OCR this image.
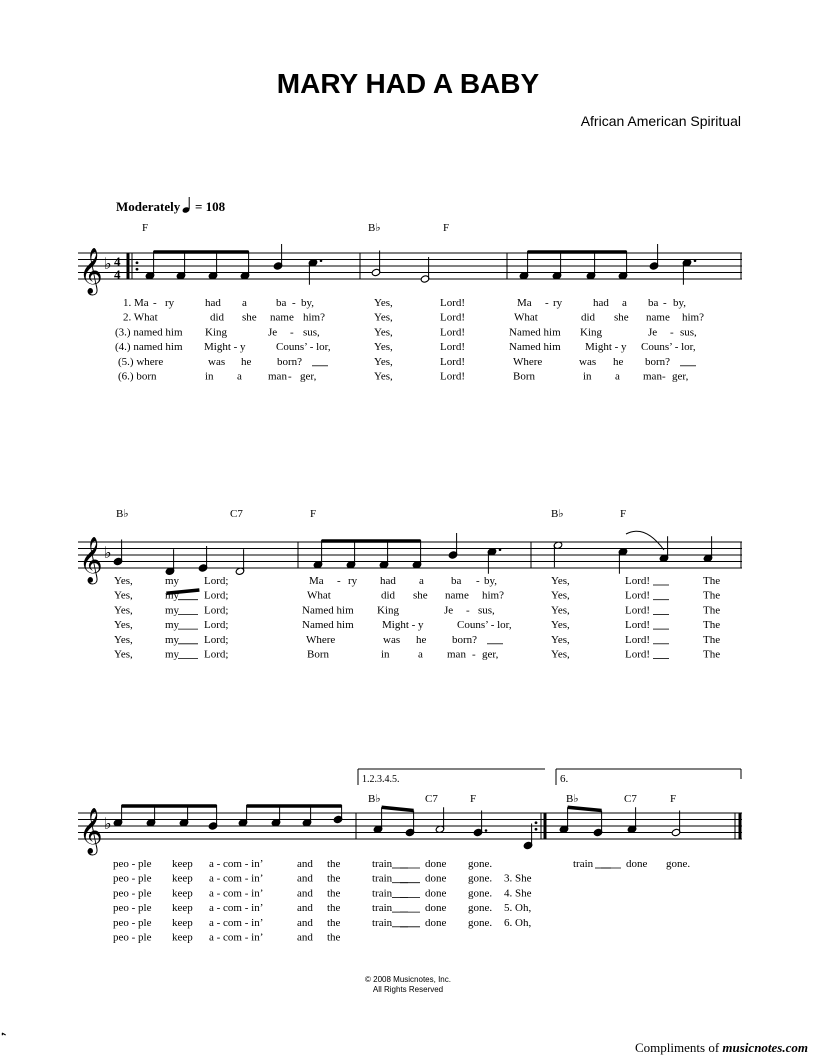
MARY HAD A BABY
African American Spiritual
Moderately = 108
𝄞 ♭ 4
4
𝄞 ♭
𝄞 ♭
F	B♭	F
B♭	C7	F	B♭	F
B♭	C7	F	B♭	C7	F
1.2.3.4.5.	6.
1. Ma - ry	had a	ba - by,	Yes,	Lord!	Ma - ry	had a ba - by,
2. What	did she name him?	Yes,	Lord!	What	did she name him?
(3.) named him King	Je - sus,	Yes,	Lord!	Named him King	Je - sus,
(4.) named him Might - y	Couns’ - lor,	Yes,	Lord!	Named him Might - y Couns’ - lor,
(5.) where	was he born?	Yes,	Lord!	Where	was he born?
(6.) born	in a man - ger,	Yes,	Lord!	Born	in a man - ger,
Yes,	my Lord;	Ma - ry had a ba - by,	Yes,	Lord!	The
Yes,	my Lord;	What	did she name him?	Yes,	Lord!	The
Yes,	my Lord;	Named him King	Je - sus,	Yes,	Lord!	The
Yes,	my Lord;	Named him	Might - y	Couns’ - lor,	Yes,	Lord!	The
Yes,	my Lord;	Where	was he born?	Yes,	Lord!	The
Yes,	my Lord;	Born	in	a man - ger,	Yes,	Lord!	The
peo - ple keep a - com - in’	and the	train	done gone.	train	done gone.
peo - ple keep a - com - in’	and the	train	done gone. 3. She
peo - ple keep a - com - in’	and the	train	done gone. 4. She
peo - ple keep a - com - in’	and the	train	done gone. 5. Oh,
peo - ple keep a - com - in’	and the	train	done gone. 6. Oh,
peo - ple keep a - com - in’	and the
© 2008 Musicnotes, Inc.
All Rights Reserved
Compliments of musicnotes.com
